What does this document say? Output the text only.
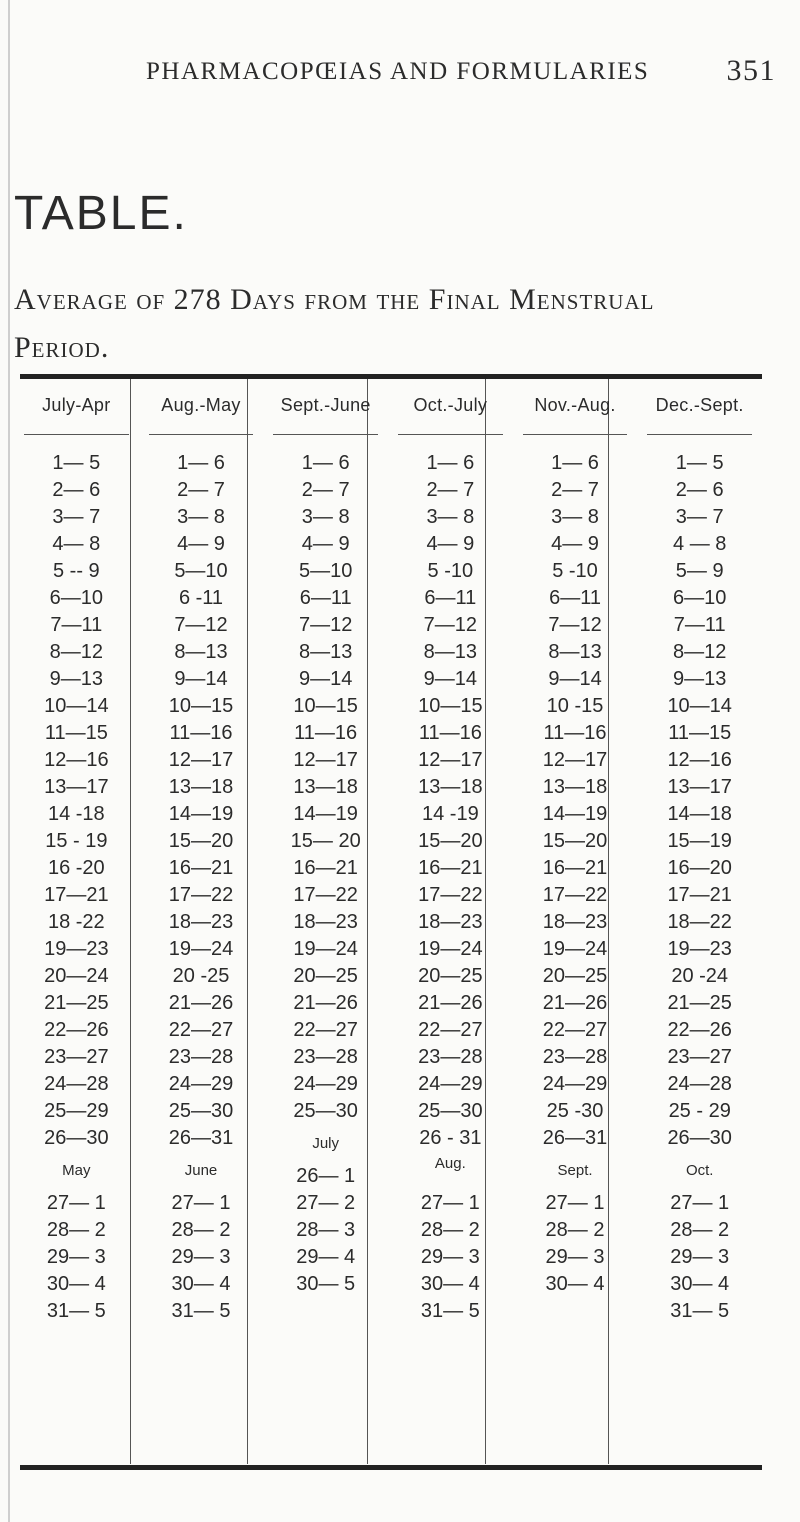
PHARMACOPŒIAS AND FORMULARIES	351
TABLE.
Average of 278 Days from the Final Menstrual Period.
July-Apr
1— 5
2— 6
3— 7
4— 8
5 -- 9
6—10
7—11
8—12
9—13
10—14
11—15
12—16
13—17
14 -18
15 - 19
16 -20
17—21
18 -22
19—23
20—24
21—25
22—26
23—27
24—28
25—29
26—30
May
27— 1
28— 2
29— 3
30— 4
31— 5
Aug.-May
1— 6
2— 7
3— 8
4— 9
5—10
6 -11
7—12
8—13
9—14
10—15
11—16
12—17
13—18
14—19
15—20
16—21
17—22
18—23
19—24
20 -25
21—26
22—27
23—28
24—29
25—30
26—31
June
27— 1
28— 2
29— 3
30— 4
31— 5
Sept.-June
1— 6
2— 7
3— 8
4— 9
5—10
6—11
7—12
8—13
9—14
10—15
11—16
12—17
13—18
14—19
15— 20
16—21
17—22
18—23
19—24
20—25
21—26
22—27
23—28
24—29
25—30
July
26— 1
27— 2
28— 3
29— 4
30— 5
Oct.-July
1— 6
2— 7
3— 8
4— 9
5 -10
6—11
7—12
8—13
9—14
10—15
11—16
12—17
13—18
14 -19
15—20
16—21
17—22
18—23
19—24
20—25
21—26
22—27
23—28
24—29
25—30
26 - 31
Aug.
27— 1
28— 2
29— 3
30— 4
31— 5
Nov.-Aug.
1— 6
2— 7
3— 8
4— 9
5 -10
6—11
7—12
8—13
9—14
10 -15
11—16
12—17
13—18
14—19
15—20
16—21
17—22
18—23
19—24
20—25
21—26
22—27
23—28
24—29
25 -30
26—31
Sept.
27— 1
28— 2
29— 3
30— 4
Dec.-Sept.
1— 5
2— 6
3— 7
4 — 8
5— 9
6—10
7—11
8—12
9—13
10—14
11—15
12—16
13—17
14—18
15—19
16—20
17—21
18—22
19—23
20 -24
21—25
22—26
23—27
24—28
25 - 29
26—30
Oct.
27— 1
28— 2
29— 3
30— 4
31— 5
